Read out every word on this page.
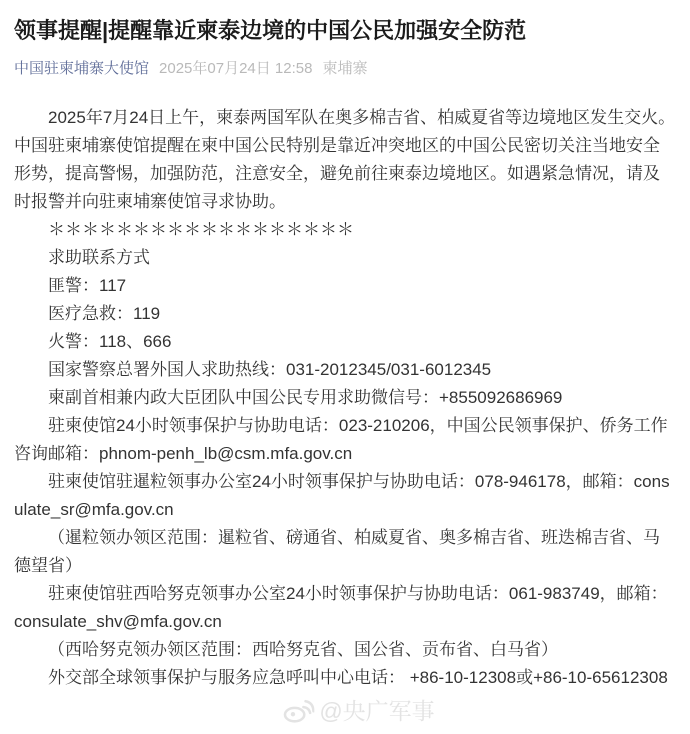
领事提醒|提醒靠近柬泰边境的中国公民加强安全防范
中国驻柬埔寨大使馆 2025年07月24日 12:58 柬埔寨

2025年7月24日上午，柬泰两国军队在奥多棉吉省、柏威夏省等边境地区发生交火。中国驻柬埔寨使馆提醒在柬中国公民特别是靠近冲突地区的中国公民密切关注当地安全形势，提高警惕，加强防范，注意安全，避免前往柬泰边境地区。如遇紧急情况，请及时报警并向驻柬埔寨使馆寻求协助。

＊＊＊＊＊＊＊＊＊＊＊＊＊＊＊＊＊＊

求助联系方式

匪警：117

医疗急救：119

火警：118、666

国家警察总署外国人求助热线：031-2012345/031-6012345

柬副首相兼内政大臣团队中国公民专用求助微信号：+855092686969

驻柬使馆24小时领事保护与协助电话：023-210206，中国公民领事保护、侨务工作咨询邮箱：phnom-penh_lb@csm.mfa.gov.cn

驻柬使馆驻暹粒领事办公室24小时领事保护与协助电话：078-946178，邮箱：consulate_sr@mfa.gov.cn

（暹粒领办领区范围：暹粒省、磅通省、柏威夏省、奥多棉吉省、班迭棉吉省、马德望省）

驻柬使馆驻西哈努克领事办公室24小时领事保护与协助电话：061-983749，邮箱：consulate_shv@mfa.gov.cn

（西哈努克领办领区范围：西哈努克省、国公省、贡布省、白马省）

外交部全球领事保护与服务应急呼叫中心电话： +86-10-12308或+86-10-65612308

@央广军事
